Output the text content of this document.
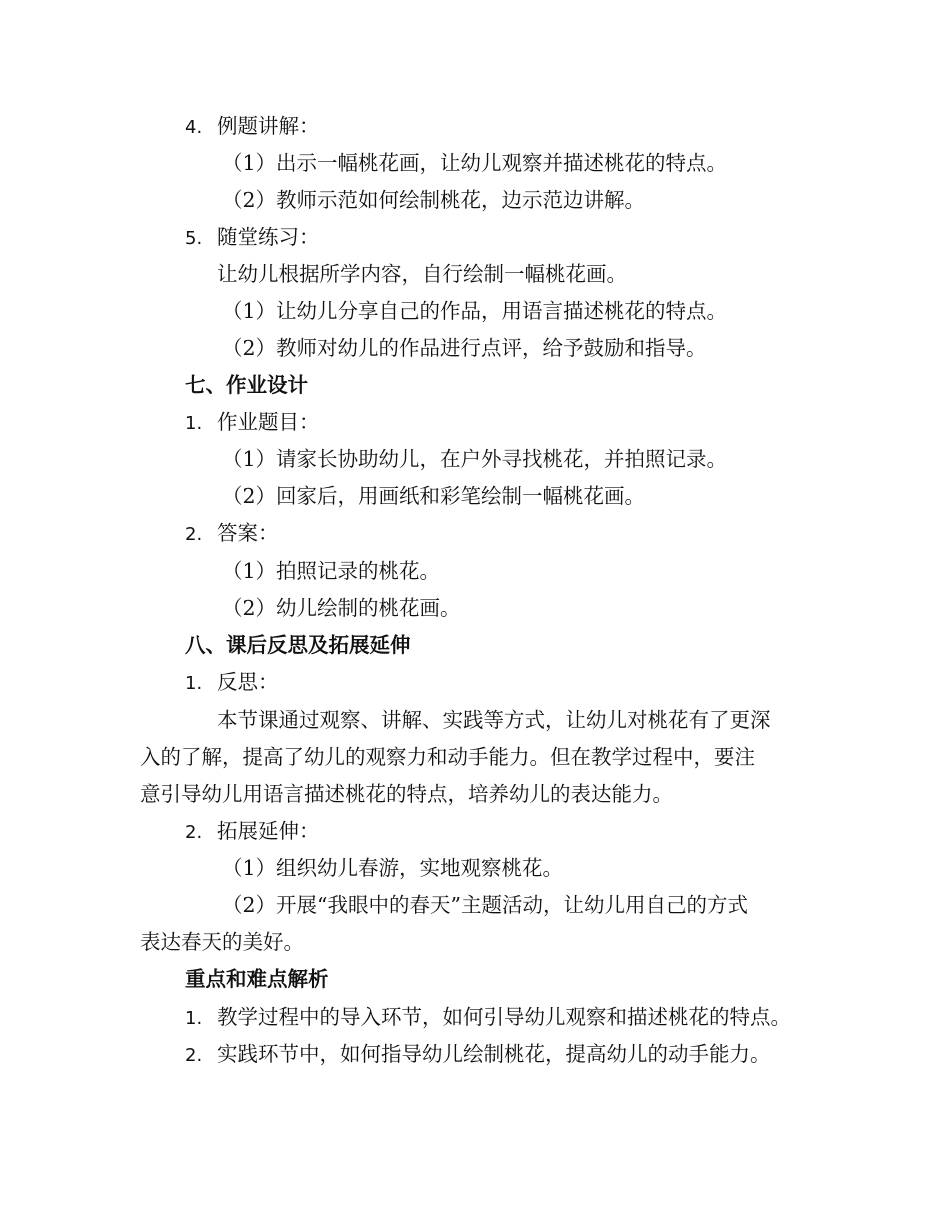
4. 例题讲解：
（1）出示一幅桃花画，让幼儿观察并描述桃花的特点。
（2）教师示范如何绘制桃花，边示范边讲解。
5. 随堂练习：
让幼儿根据所学内容，自行绘制一幅桃花画。
（1）让幼儿分享自己的作品，用语言描述桃花的特点。
（2）教师对幼儿的作品进行点评，给予鼓励和指导。
七、作业设计
1. 作业题目：
（1）请家长协助幼儿，在户外寻找桃花，并拍照记录。
（2）回家后，用画纸和彩笔绘制一幅桃花画。
2. 答案：
（1）拍照记录的桃花。
（2）幼儿绘制的桃花画。
八、课后反思及拓展延伸
1. 反思：
本节课通过观察、讲解、实践等方式，让幼儿对桃花有了更深
入的了解，提高了幼儿的观察力和动手能力。但在教学过程中，要注
意引导幼儿用语言描述桃花的特点，培养幼儿的表达能力。
2. 拓展延伸：
（1）组织幼儿春游，实地观察桃花。
（2）开展“我眼中的春天”主题活动，让幼儿用自己的方式
表达春天的美好。
重点和难点解析
1. 教学过程中的导入环节，如何引导幼儿观察和描述桃花的特点。
2. 实践环节中，如何指导幼儿绘制桃花，提高幼儿的动手能力。
